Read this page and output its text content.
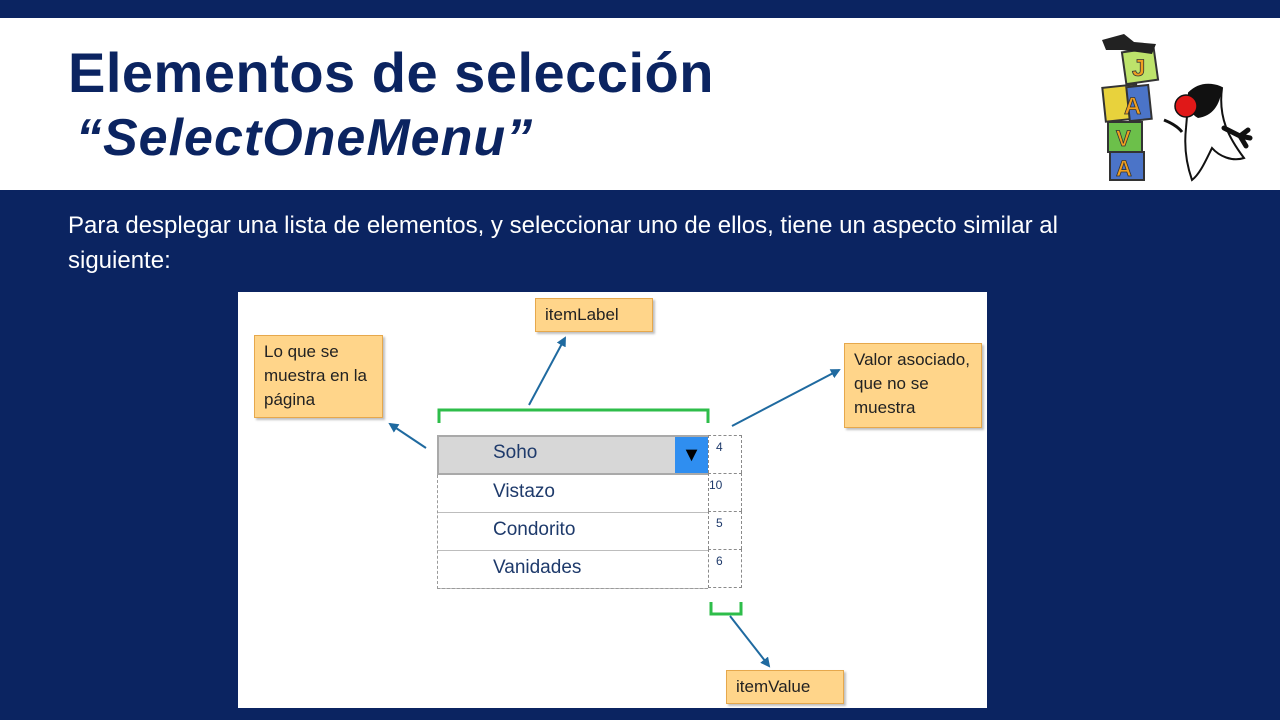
Elementos de selección
“SelectOneMenu”
J
A
V
A

Para desplegar una lista de elementos, y seleccionar uno de ellos, tiene un aspecto similar al siguiente:

itemLabel
Lo que se muestra en la página
Valor asociado, que no se muestra
itemValue
Soho	▼
Vistazo
Condorito
Vanidades
4
10
5
6
